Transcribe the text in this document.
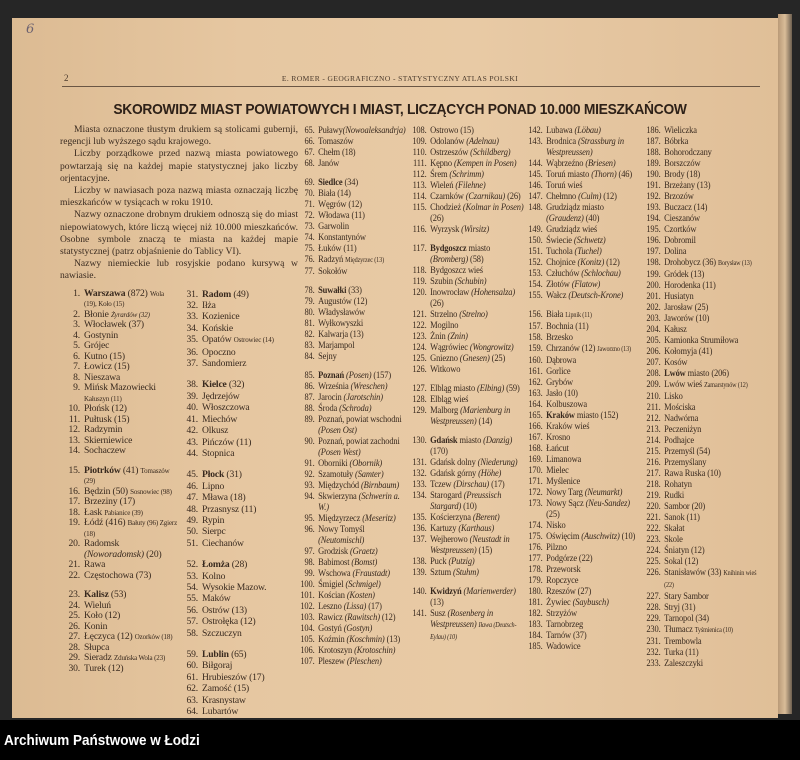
6
2	E. ROMER - GEOGRAFICZNO - STATYSTYCZNY ATLAS POLSKI
SKOROWIDZ MIAST POWIATOWYCH I MIAST, LICZĄCYCH PONAD 10.000 MIESZKAŃCOW

Miasta oznaczone tłustym drukiem są stolicami gubernji, regencji lub wyższego sądu krajowego.

Liczby porządkowe przed nazwą miasta powiatowego powtarzają się na każdej mapie statystycznej jako liczby orjentacyjne.

Liczby w nawiasach poza nazwą miasta oznaczają liczbę mieszkańców w tysiącach w roku 1910.

Nazwy oznaczone drobnym drukiem odnoszą się do miast niepowiatowych, które liczą więcej niż 10.000 mieszkańców. Osobne symbole znaczą te miasta na każdej mapie statystycznej (patrz objaśnienie do Tablicy VI).

Nazwy niemieckie lub rosyjskie podano kursywą w nawiasie.

1. Warszawa (872) Wola (19), Koło (15)
2. Błonie Żyrardów (32)
3. Włocławek (37)
4. Gostynin
5. Grójec
6. Kutno (15)
7. Łowicz (15)
8. Nieszawa
9. Mińsk Mazowiecki Kałuszyn (11)
10. Płońsk (12)
11. Pułtusk (15)
12. Radzymin
13. Skierniewice
14. Sochaczew
15. Piotrków (41) Tomaszów (29)
16. Będzin (50) Sosnowiec (98)
17. Brzeziny (17)
18. Łask Pabianice (39)
19. Łódź (416) Bałuty (96) Zgierz (18)
20. Radomsk (Noworadomsk) (20)
21. Rawa
22. Częstochowa (73)
23. Kalisz (53)
24. Wieluń
25. Koło (12)
26. Konin
27. Łęczyca (12) Ozorków (18)
28. Słupca
29. Sieradz Zduńska Wola (23)
30. Turek (12)
31. Radom (49)
32. Iłża
33. Kozienice
34. Końskie
35. Opatów Ostrowiec (14)
36. Opoczno
37. Sandomierz
38. Kielce (32)
39. Jędrzejów
40. Włoszczowa
41. Miechów
42. Olkusz
43. Pińczów (11)
44. Stopnica
45. Płock (31)
46. Lipno
47. Mława (18)
48. Przasnysz (11)
49. Rypin
50. Sierpc
51. Ciechanów
52. Łomża (28)
53. Kolno
54. Wysokie Mazow.
55. Maków
56. Ostrów (13)
57. Ostrołęka (12)
58. Szczuczyn
59. Lublin (65)
60. Biłgoraj
61. Hrubieszów (17)
62. Zamość (15)
63. Krasnystaw
64. Lubartów
65. Puławy(Nowoaleksandrja)
66. Tomaszów
67. Chełm (18)
68. Janów
69. Siedlce (34)
70. Biała (14)
71. Węgrów (12)
72. Włodawa (11)
73. Garwolin
74. Konstantynów
75. Łuków (11)
76. Radzyń Międzyrzec (13)
77. Sokołów
78. Suwałki (33)
79. Augustów (12)
80. Władysławów
81. Wyłkowyszki
82. Kalwarja (13)
83. Marjampol
84. Sejny
85. Poznań (Posen) (157)
86. Września (Wreschen)
87. Jarocin (Jarotschin)
88. Środa (Schroda)
89. Poznań, powiat wschodni (Posen Ost)
90. Poznań, powiat zachodni (Posen West)
91. Oborniki (Obornik)
92. Szamotuły (Samter)
93. Międzychód (Birnbaum)
94. Skwierzyna (Schwerin a. W.)
95. Międzyrzecz (Meseritz)
96. Nowy Tomyśl (Neutomischl)
97. Grodzisk (Graetz)
98. Babimost (Bomst)
99. Wschowa (Fraustadt)
100. Śmigiel (Schmigel)
101. Kościan (Kosten)
102. Leszno (Lissa) (17)
103. Rawicz (Rawitsch) (12)
104. Gostyń (Gostyn)
105. Koźmin (Koschmin) (13)
106. Krotoszyn (Krotoschin)
107. Pleszew (Pleschen)
108. Ostrowo (15)
109. Odolanów (Adelnau)
110. Ostrzeszów (Schildberg)
111. Kępno (Kempen in Posen)
112. Śrem (Schrimm)
113. Wieleń (Filehne)
114. Czarnków (Czarnikau) (26)
115. Chodzież (Kolmar in Posen) (26)
116. Wyrzysk (Wirsitz)
117. Bydgoszcz miasto (Bromberg) (58)
118. Bydgoszcz wieś
119. Szubin (Schubin)
120. Inowrocław (Hohensalza) (26)
121. Strzelno (Strelno)
122. Mogilno
123. Żnin (Znin)
124. Wągrówiec (Wongrowitz)
125. Gniezno (Gnesen) (25)
126. Witkowo
127. Elbląg miasto (Elbing) (59)
128. Elbląg wieś
129. Malborg (Marienburg in Westpreussen) (14)
130. Gdańsk miasto (Danzig) (170)
131. Gdańsk dolny (Niederung)
132. Gdańsk górny (Höhe)
133. Tczew (Dirschau) (17)
134. Starogard (Preussisch Stargard) (10)
135. Kościerzyna (Berent)
136. Kartuzy (Karthaus)
137. Wejherowo (Neustadt in Westpreussen) (15)
138. Puck (Putzig)
139. Sztum (Stuhm)
140. Kwidzyń (Marienwerder) (13)
141. Susz (Rosenberg in Westpreussen) Iława (Deutsch-Eylau) (10)
142. Lubawa (Löbau)
143. Brodnica (Strassburg in Westpreussen)
144. Wąbrzeźno (Briesen)
145. Toruń miasto (Thorn) (46)
146. Toruń wieś
147. Chełmno (Culm) (12)
148. Grudziądz miasto (Graudenz) (40)
149. Grudziądz wieś
150. Świecie (Schwetz)
151. Tuchola (Tuchel)
152. Chojnice (Konitz) (12)
153. Człuchów (Schlochau)
154. Złotów (Flatow)
155. Wałcz (Deutsch-Krone)
156. Biała Lipnik (11)
157. Bochnia (11)
158. Brzesko
159. Chrzanów (12) Jaworzno (13)
160. Dąbrowa
161. Gorlice
162. Grybów
163. Jasło (10)
164. Kolbuszowa
165. Kraków miasto (152)
166. Kraków wieś
167. Krosno
168. Łańcut
169. Limanowa
170. Mielec
171. Myślenice
172. Nowy Targ (Neumarkt)
173. Nowy Sącz (Neu-Sandez) (25)
174. Nisko
175. Oświęcim (Auschwitz) (10)
176. Pilzno
177. Podgórze (22)
178. Przeworsk
179. Ropczyce
180. Rzeszów (27)
181. Żywiec (Saybusch)
182. Strzyżów
183. Tarnobrzeg
184. Tarnów (37)
185. Wadowice
186. Wieliczka
187. Bóbrka
188. Bohorodczany
189. Borszczów
190. Brody (18)
191. Brzeżany (13)
192. Brzozów
193. Buczacz (14)
194. Cieszanów
195. Czortków
196. Dobromil
197. Dolina
198. Drohobycz (36) Borysław (13)
199. Gródek (13)
200. Horodenka (11)
201. Husiatyn
202. Jarosław (25)
203. Jaworów (10)
204. Kałusz
205. Kamionka Strumiłowa
206. Kołomyja (41)
207. Kosów
208. Lwów miasto (206)
209. Lwów wieś Zamarstynów (12)
210. Lisko
211. Mościska
212. Nadwórna
213. Peczeniżyn
214. Podhajce
215. Przemyśl (54)
216. Przemyślany
217. Rawa Ruska (10)
218. Rohatyn
219. Rudki
220. Sambor (20)
221. Sanok (11)
222. Skałat
223. Skole
224. Śniatyn (12)
225. Sokal (12)
226. Stanisławów (33) Knihinin wieś (22)
227. Stary Sambor
228. Stryj (31)
229. Tarnopol (34)
230. Tłumacz Tyśmienica (10)
231. Trembowla
232. Turka (11)
233. Zaleszczyki
Archiwum Państwowe w Łodzi
